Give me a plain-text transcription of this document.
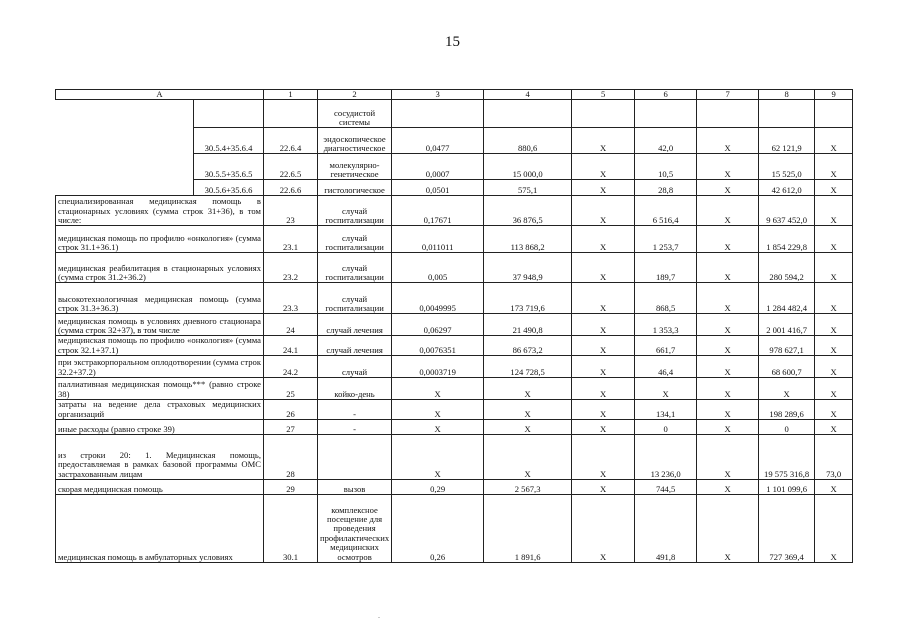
15
A		1	2	3	4	5	6	7	8	9
			сосудистой системы							
	30.5.4+35.6.4	22.6.4	эндоскопическое диагностическое	0,0477	880,6	Х	42,0	Х	62 121,9	Х
	30.5.5+35.6.5	22.6.5	молекулярно-генетическое	0,0007	15 000,0	Х	10,5	Х	15 525,0	Х
	30.5.6+35.6.6	22.6.6	гистологическое	0,0501	575,1	Х	28,8	Х	42 612,0	Х
специализированная медицинская помощь в стационарных условиях (сумма строк 31+36), в том числе:		23	случай госпитализации	0,17671	36 876,5	Х	6 516,4	Х	9 637 452,0	Х
медицинская помощь по профилю «онкология» (сумма строк 31.1+36.1)		23.1	случай госпитализации	0,011011	113 868,2	Х	1 253,7	Х	1 854 229,8	Х
медицинская реабилитация в стационарных условиях (сумма строк 31.2+36.2)		23.2	случай госпитализации	0,005	37 948,9	Х	189,7	Х	280 594,2	Х
высокотехнологичная медицинская помощь (сумма строк 31.3+36.3)		23.3	случай госпитализации	0,0049995	173 719,6	Х	868,5	Х	1 284 482,4	Х
медицинская помощь в условиях дневного стационара (сумма строк 32+37), в том числе		24	случай лечения	0,06297	21 490,8	Х	1 353,3	Х	2 001 416,7	Х
медицинская помощь по профилю «онкология» (сумма строк 32.1+37.1)		24.1	случай лечения	0,0076351	86 673,2	Х	661,7	Х	978 627,1	Х
при экстракорпоральном оплодотворении (сумма строк 32.2+37.2)		24.2	случай	0,0003719	124 728,5	Х	46,4	Х	68 600,7	Х
паллиативная медицинская помощь*** (равно строке 38)		25	койко-день	Х	Х	Х	Х	Х	Х	Х
затраты на ведение дела страховых медицинских организаций		26	-	Х	Х	Х	134,1	Х	198 289,6	Х
иные расходы (равно строке 39)		27	-	Х	Х	Х	0	Х	0	Х
из строки 20: 1. Медицинская помощь, предоставляемая в рамках базовой программы ОМС застрахованным лицам		28		Х	Х	Х	13 236,0	Х	19 575 316,8	73,0
скорая медицинская помощь		29	вызов	0,29	2 567,3	Х	744,5	Х	1 101 099,6	Х
медицинская помощь в амбулаторных условиях		30.1	комплексное посещение для проведения профилактических медицинских осмотров	0,26	1 891,6	Х	491,8	Х	727 369,4	Х
.
